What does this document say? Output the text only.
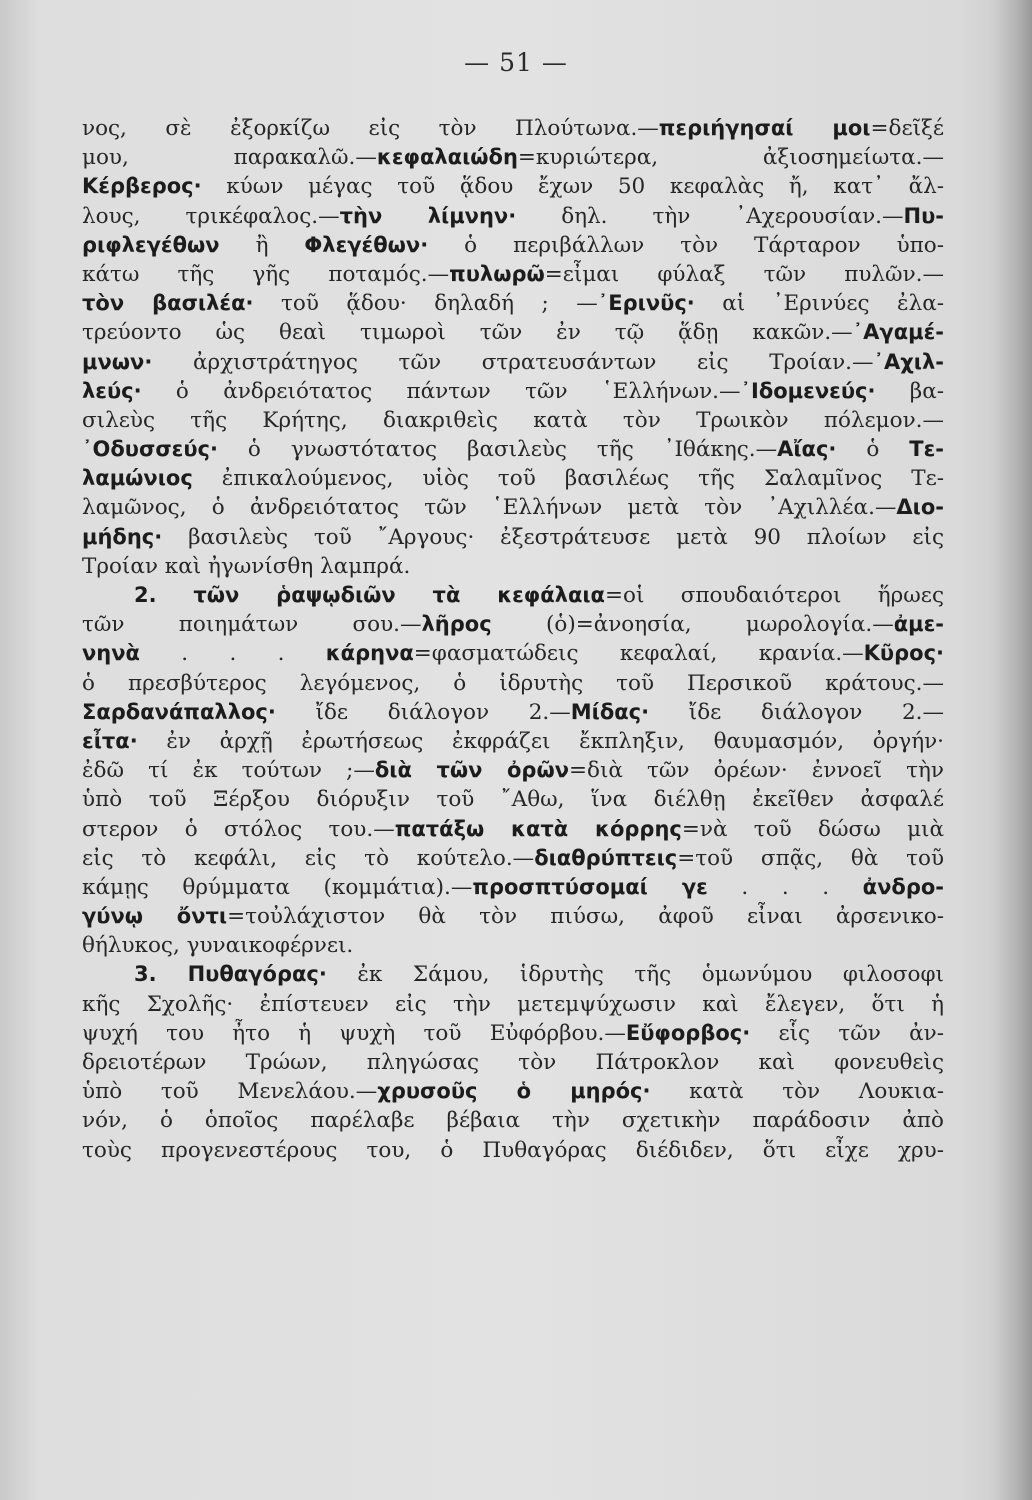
— 51 —
νος, σὲ ἐξορκίζω εἰς τὸν Πλούτωνα.—περιήγησαί μοι=δεῖξέ
μου, παρακαλῶ.—κεφαλαιώδη=κυριώτερα, ἀξιοσημείωτα.—
Κέρβερος· κύων μέγας τοῦ ᾅδου ἔχων 50 κεφαλὰς ἤ, κατ᾿ ἄλ-
λους, τρικέφαλος.—τὴν λίμνην· δηλ. τὴν ᾿Αχερουσίαν.—Πυ-
ριφλεγέθων ἢ Φλεγέθων· ὁ περιβάλλων τὸν Τάρταρον ὑπο-
κάτω τῆς γῆς ποταμός.—πυλωρῶ=εἶμαι φύλαξ τῶν πυλῶν.—
τὸν βασιλέα· τοῦ ᾅδου· δηλαδή ; —᾿Ερινῦς· αἱ ᾿Ερινύες ἐλα-
τρεύοντο ὡς θεαὶ τιμωροὶ τῶν ἐν τῷ ᾅδῃ κακῶν.—᾿Αγαμέ-
μνων· ἀρχιστράτηγος τῶν στρατευσάντων εἰς Τροίαν.—᾿Αχιλ-
λεύς· ὁ ἀνδρειότατος πάντων τῶν ῾Ελλήνων.—᾿Ιδομενεύς· βα-
σιλεὺς τῆς Κρήτης, διακριθεὶς κατὰ τὸν Τρωικὸν πόλεμον.—
᾿Οδυσσεύς· ὁ γνωστότατος βασιλεὺς τῆς ᾿Ιθάκης.—Αἴας· ὁ Τε-
λαμώνιος ἐπικαλούμενος, υἱὸς τοῦ βασιλέως τῆς Σαλαμῖνος Τε-
λαμῶνος, ὁ ἀνδρειότατος τῶν ῾Ελλήνων μετὰ τὸν ᾿Αχιλλέα.—Διο-
μήδης· βασιλεὺς τοῦ ῎Αργους· ἐξεστράτευσε μετὰ 90 πλοίων εἰς
Τροίαν καὶ ἠγωνίσθη λαμπρά.
2. τῶν ῥαψῳδιῶν τὰ κεφάλαια=οἱ σπουδαιότεροι ἥρωες
τῶν ποιημάτων σου.—λῆρος (ὁ)=ἀνοησία, μωρολογία.—ἀμε-
νηνὰ . . . κάρηνα=φασματώδεις κεφαλαί, κρανία.—Κῦρος·
ὁ πρεσβύτερος λεγόμενος, ὁ ἱδρυτὴς τοῦ Περσικοῦ κράτους.—
Σαρδανάπαλλος· ἴδε διάλογον 2.—Μίδας· ἴδε διάλογον 2.—
εἶτα· ἐν ἀρχῇ ἐρωτήσεως ἐκφράζει ἔκπληξιν, θαυμασμόν, ὀργήν·
ἐδῶ τί ἐκ τούτων ;—διὰ τῶν ὀρῶν=διὰ τῶν ὀρέων· ἐννοεῖ τὴν
ὑπὸ τοῦ Ξέρξου διόρυξιν τοῦ ῎Αθω, ἵνα διέλθῃ ἐκεῖθεν ἀσφαλέ
στερον ὁ στόλος του.—πατάξω κατὰ κόρρης=νὰ τοῦ δώσω μιὰ
εἰς τὸ κεφάλι, εἰς τὸ κούτελο.—διαθρύπτεις=τοῦ σπᾷς, θὰ τοῦ
κάμῃς θρύμματα (κομμάτια).—προσπτύσομαί γε . . . ἀνδρο-
γύνῳ ὄντι=τοὐλάχιστον θὰ τὸν πιύσω, ἀφοῦ εἶναι ἀρσενικο-
θήλυκος, γυναικοφέρνει.
3. Πυθαγόρας· ἐκ Σάμου, ἱδρυτὴς τῆς ὁμωνύμου φιλοσοφι
κῆς Σχολῆς· ἐπίστευεν εἰς τὴν μετεμψύχωσιν καὶ ἔλεγεν, ὅτι ἡ
ψυχή του ἦτο ἡ ψυχὴ τοῦ Εὐφόρβου.—Εὔφορβος· εἷς τῶν ἀν-
δρειοτέρων Τρώων, πληγώσας τὸν Πάτροκλον καὶ φονευθεὶς
ὑπὸ τοῦ Μενελάου.—χρυσοῦς ὁ μηρός· κατὰ τὸν Λουκια-
νόν, ὁ ὁποῖος παρέλαβε βέβαια τὴν σχετικὴν παράδοσιν ἀπὸ
τοὺς προγενεστέρους του, ὁ Πυθαγόρας διέδιδεν, ὅτι εἶχε χρυ-
